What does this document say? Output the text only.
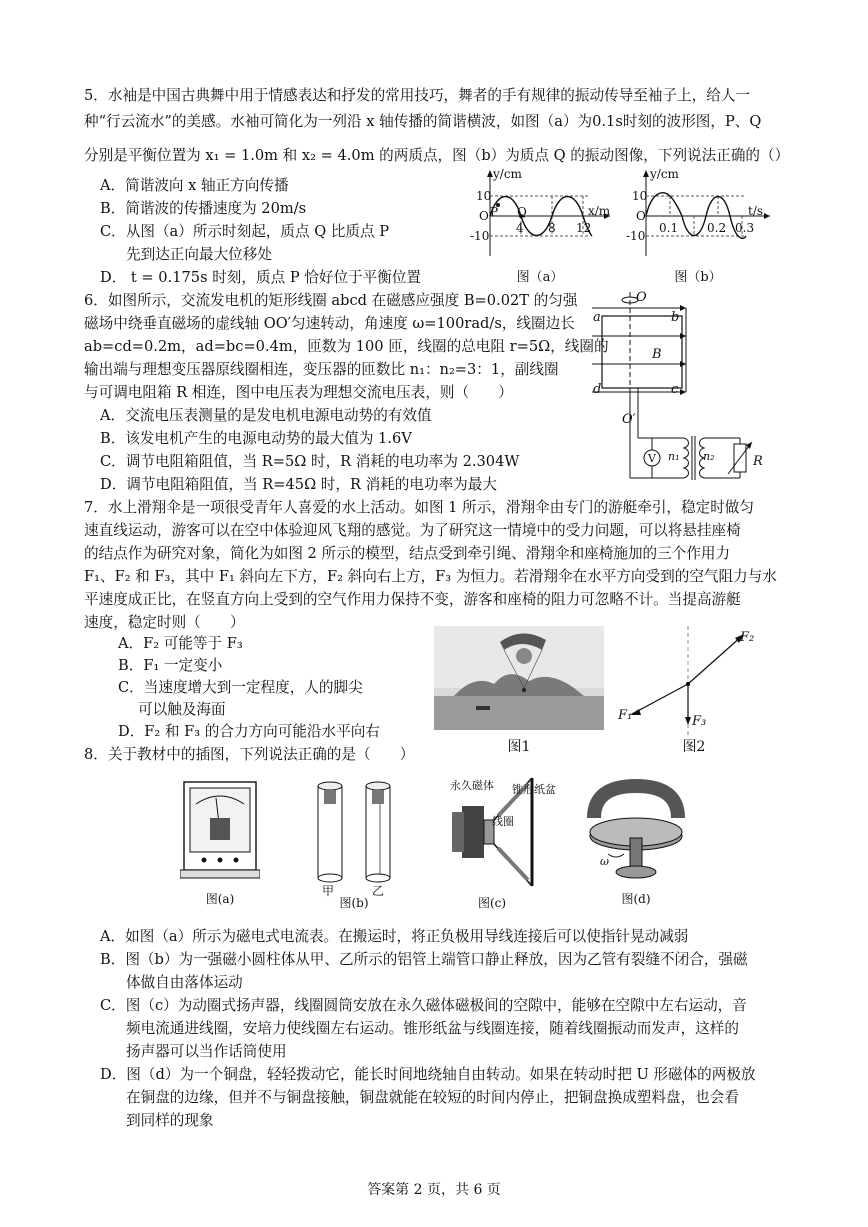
5．水袖是中国古典舞中用于情感表达和抒发的常用技巧，舞者的手有规律的振动传导至袖子上，给人一
种“行云流水”的美感。水袖可简化为一列沿 x 轴传播的简谐横波，如图（a）为0.1s时刻的波形图，P、Q
分别是平衡位置为 x₁ = 1.0m 和 x₂ = 4.0m 的两质点，图（b）为质点 Q 的振动图像，下列说法正确的（）
A．简谐波向 x 轴正方向传播
B．简谐波的传播速度为 20m/s
C．从图（a）所示时刻起，质点 Q 比质点 P
先到达正向最大位移处
D． t = 0.175s 时刻，质点 P 恰好位于平衡位置
y/cm
x/m
10
-10
O P Q
4 8 12
图（a）
y/cm
t/s
10
-10
O
0.1 0.2 0.3
图（b）
6．如图所示，交流发电机的矩形线圈 abcd 在磁感应强度 B=0.02T 的匀强
磁场中绕垂直磁场的虚线轴 OO′匀速转动，角速度 ω=100rad/s，线圈边长
ab=cd=0.2m，ad=bc=0.4m，匝数为 100 匝，线圈的总电阻 r=5Ω，线圈的
输出端与理想变压器原线圈相连，变压器的匝数比 n₁：n₂=3：1，副线圈
与可调电阻箱 R 相连，图中电压表为理想交流电压表，则（　　）
A．交流电压表测量的是发电机电源电动势的有效值
B．该发电机产生的电源电动势的最大值为 1.6V
C．调节电阻箱阻值，当 R=5Ω 时，R 消耗的电功率为 2.304W
D．调节电阻箱阻值，当 R=45Ω 时，R 消耗的电功率为最大
O
a	b
B
d	c
O′
V n₁ n₂	R
7．水上滑翔伞是一项很受青年人喜爱的水上活动。如图 1 所示，滑翔伞由专门的游艇牵引，稳定时做匀
速直线运动，游客可以在空中体验迎风飞翔的感觉。为了研究这一情境中的受力问题，可以将悬挂座椅
的结点作为研究对象，简化为如图 2 所示的模型，结点受到牵引绳、滑翔伞和座椅施加的三个作用力
F₁、F₂ 和 F₃，其中 F₁ 斜向左下方，F₂ 斜向右上方，F₃ 为恒力。若滑翔伞在水平方向受到的空气阻力与水
平速度成正比，在竖直方向上受到的空气作用力保持不变，游客和座椅的阻力可忽略不计。当提高游艇
速度，稳定时则（　　）
A．F₂ 可能等于 F₃
B．F₁ 一定变小
C．当速度增大到一定程度，人的脚尖
可以触及海面
D．F₂ 和 F₃ 的合力方向可能沿水平向右
图1
F₂
F₁	F₃
图2
8．关于教材中的插图，下列说法正确的是（　　）
图(a)
甲	乙
图(b)
永久磁体 锥形纸盆
线圈
图(c)
ω
图(d)
A．如图（a）所示为磁电式电流表。在搬运时，将正负极用导线连接后可以使指针晃动减弱
B．图（b）为一强磁小圆柱体从甲、乙所示的铝管上端管口静止释放，因为乙管有裂缝不闭合，强磁
体做自由落体运动
C．图（c）为动圈式扬声器，线圈圆筒安放在永久磁体磁极间的空隙中，能够在空隙中左右运动，音
频电流通进线圈，安培力使线圈左右运动。锥形纸盆与线圈连接，随着线圈振动而发声，这样的
扬声器可以当作话筒使用
D．图（d）为一个铜盘，轻轻拨动它，能长时间地绕轴自由转动。如果在转动时把 U 形磁体的两极放
在铜盘的边缘，但并不与铜盘接触，铜盘就能在较短的时间内停止，把铜盘换成塑料盘，也会看
到同样的现象
答案第 2 页，共 6 页
